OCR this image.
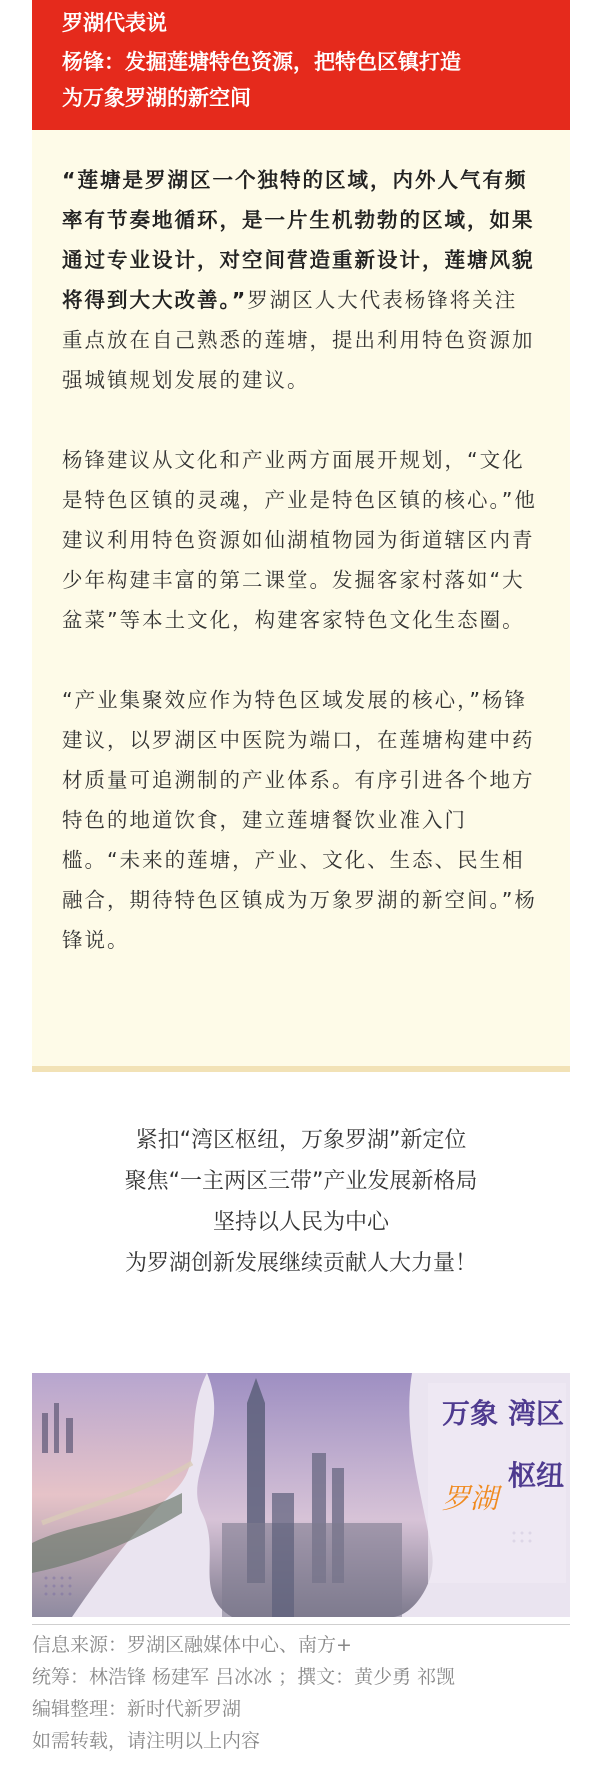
罗湖代表说
杨锋：发掘莲塘特色资源，把特色区镇打造
为万象罗湖的新空间

“莲塘是罗湖区一个独特的区域，内外人气有频率有节奏地循环，是一片生机勃勃的区域，如果通过专业设计，对空间营造重新设计，莲塘风貌将得到大大改善。”罗湖区人大代表杨锋将关注重点放在自己熟悉的莲塘，提出利用特色资源加强城镇规划发展的建议。

杨锋建议从文化和产业两方面展开规划，“文化是特色区镇的灵魂，产业是特色区镇的核心。”他建议利用特色资源如仙湖植物园为街道辖区内青少年构建丰富的第二课堂。发掘客家村落如“大盆菜”等本土文化，构建客家特色文化生态圈。

“产业集聚效应作为特色区域发展的核心，”杨锋建议，以罗湖区中医院为端口，在莲塘构建中药材质量可追溯制的产业体系。有序引进各个地方特色的地道饮食，建立莲塘餐饮业准入门槛。“未来的莲塘，产业、文化、生态、民生相融合，期待特色区镇成为万象罗湖的新空间。”杨锋说。

紧扣“湾区枢纽，万象罗湖”新定位
聚焦“一主两区三带”产业发展新格局
坚持以人民为中心
为罗湖创新发展继续贡献人大力量！
湾区
枢纽
万象
罗湖
信息来源：罗湖区融媒体中心、南方+
统筹：林浩锋 杨建军 吕冰冰 ；撰文：黄少勇 祁觊
编辑整理：新时代新罗湖
如需转载，请注明以上内容
